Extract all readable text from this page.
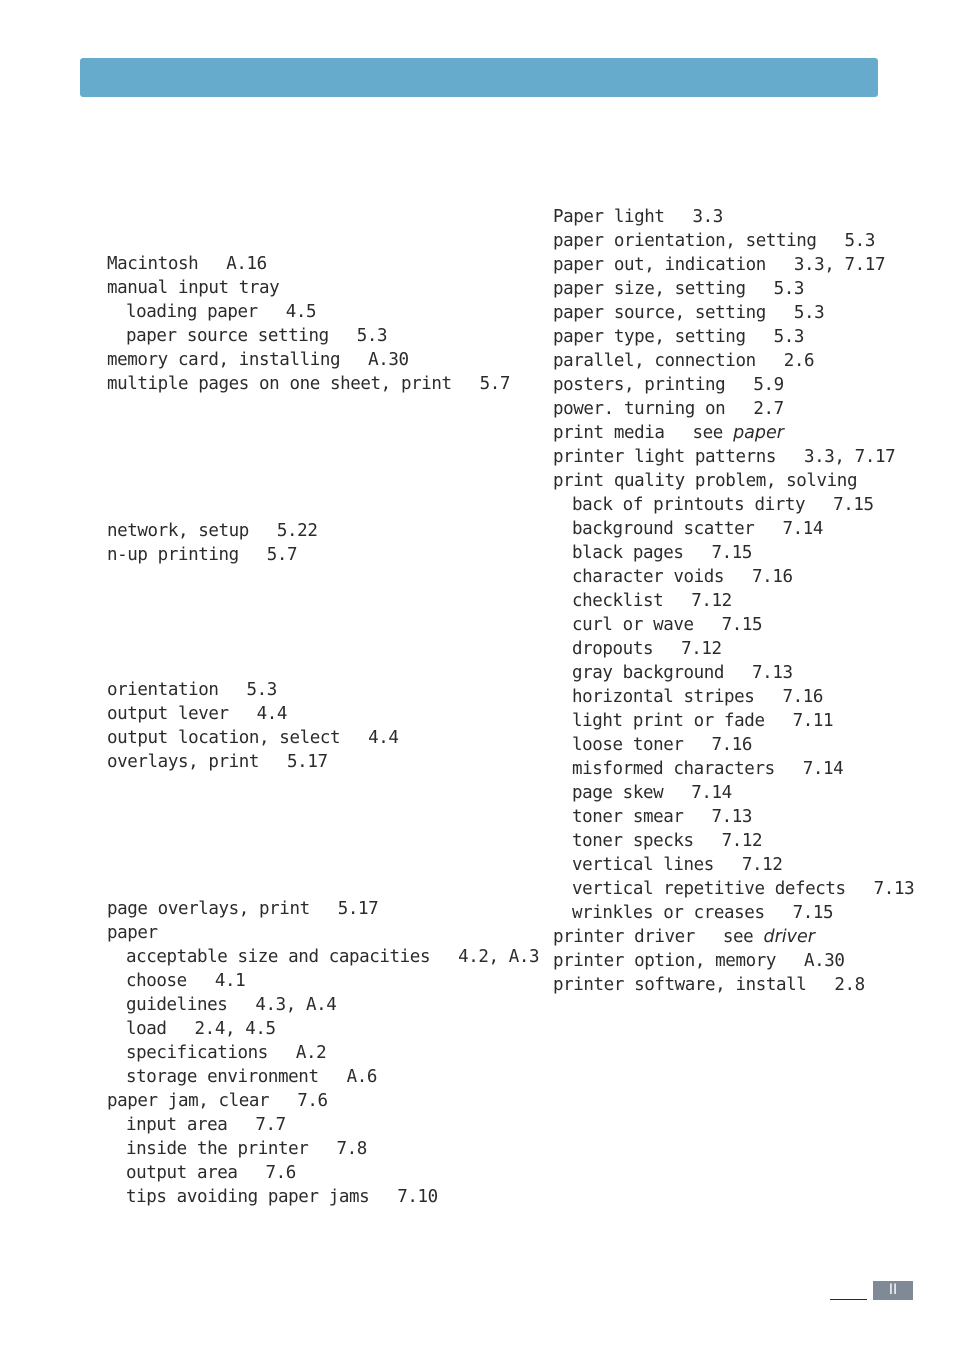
Macintosh A.16
manual input tray
loading paper 4.5
paper source setting 5.3
memory card, installing A.30
multiple pages on one sheet, print 5.7
network, setup 5.22
n-up printing 5.7
orientation 5.3
output lever 4.4
output location, select 4.4
overlays, print 5.17
page overlays, print 5.17
paper
acceptable size and capacities 4.2, A.3
choose 4.1
guidelines 4.3, A.4
load 2.4, 4.5
specifications A.2
storage environment A.6
paper jam, clear 7.6
input area 7.7
inside the printer 7.8
output area 7.6
tips avoiding paper jams 7.10
Paper light 3.3
paper orientation, setting 5.3
paper out, indication 3.3, 7.17
paper size, setting 5.3
paper source, setting 5.3
paper type, setting 5.3
parallel, connection 2.6
posters, printing 5.9
power. turning on 2.7
print media see paper
printer light patterns 3.3, 7.17
print quality problem, solving
back of printouts dirty 7.15
background scatter 7.14
black pages 7.15
character voids 7.16
checklist 7.12
curl or wave 7.15
dropouts 7.12
gray background 7.13
horizontal stripes 7.16
light print or fade 7.11
loose toner 7.16
misformed characters 7.14
page skew 7.14
toner smear 7.13
toner specks 7.12
vertical lines 7.12
vertical repetitive defects 7.13
wrinkles or creases 7.15
printer driver see driver
printer option, memory A.30
printer software, install 2.8
II
